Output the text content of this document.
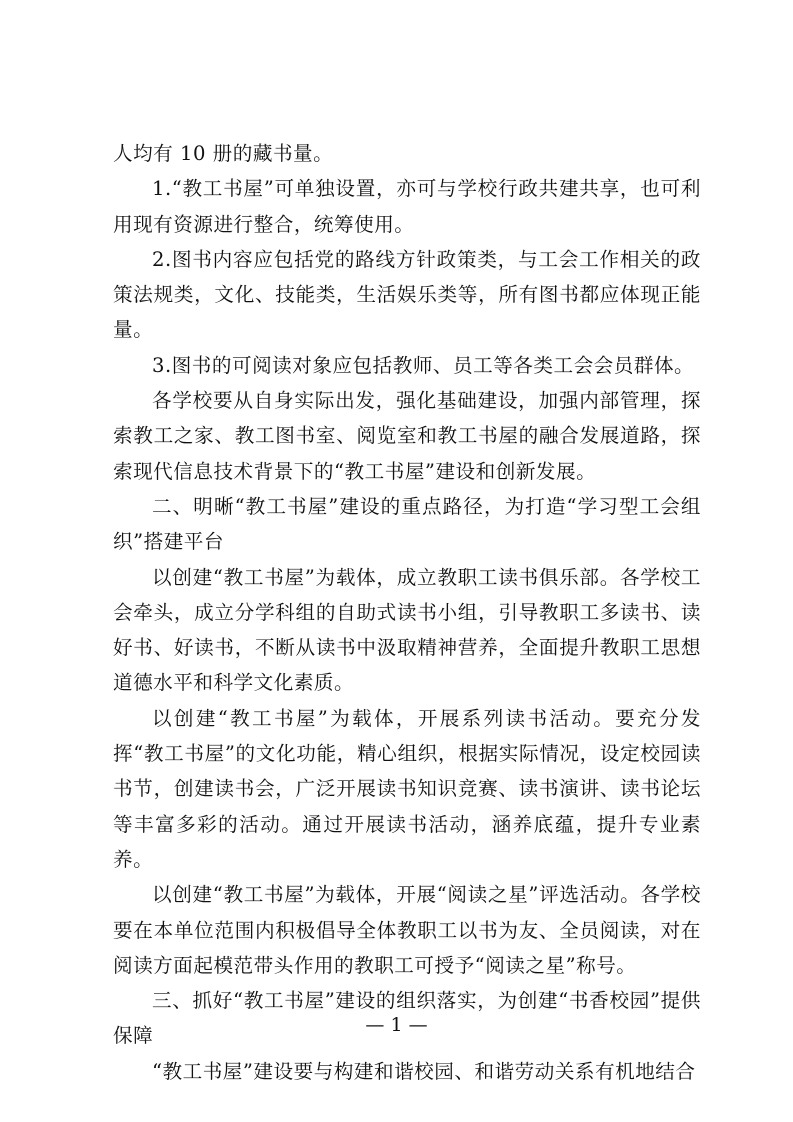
人均有 10 册的藏书量。

1.“教工书屋”可单独设置，亦可与学校行政共建共享，也可利用现有资源进行整合，统筹使用。

2.图书内容应包括党的路线方针政策类，与工会工作相关的政策法规类，文化、技能类，生活娱乐类等，所有图书都应体现正能量。

3.图书的可阅读对象应包括教师、员工等各类工会会员群体。

各学校要从自身实际出发，强化基础建设，加强内部管理，探索教工之家、教工图书室、阅览室和教工书屋的融合发展道路，探索现代信息技术背景下的“教工书屋”建设和创新发展。

二、明晰“教工书屋”建设的重点路径，为打造“学习型工会组织”搭建平台

以创建“教工书屋”为载体，成立教职工读书俱乐部。各学校工会牵头，成立分学科组的自助式读书小组，引导教职工多读书、读好书、好读书，不断从读书中汲取精神营养，全面提升教职工思想道德水平和科学文化素质。

以创建“教工书屋”为载体，开展系列读书活动。要充分发挥“教工书屋”的文化功能，精心组织，根据实际情况，设定校园读书节，创建读书会，广泛开展读书知识竞赛、读书演讲、读书论坛等丰富多彩的活动。通过开展读书活动，涵养底蕴，提升专业素养。

以创建“教工书屋”为载体，开展“阅读之星”评选活动。各学校要在本单位范围内积极倡导全体教职工以书为友、全员阅读，对在阅读方面起模范带头作用的教职工可授予“阅读之星”称号。

三、抓好“教工书屋”建设的组织落实，为创建“书香校园”提供保障

“教工书屋”建设要与构建和谐校园、和谐劳动关系有机地结合

— 1 —
